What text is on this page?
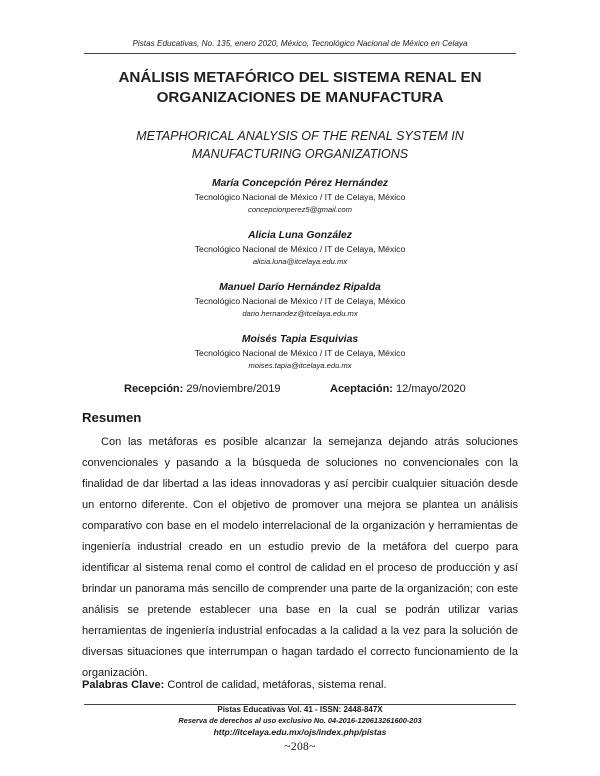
Pistas Educativas, No. 135, enero 2020, México, Tecnológico Nacional de México en Celaya
ANÁLISIS METAFÓRICO DEL SISTEMA RENAL EN
ORGANIZACIONES DE MANUFACTURA
METAPHORICAL ANALYSIS OF THE RENAL SYSTEM IN
MANUFACTURING ORGANIZATIONS
María Concepción Pérez Hernández
Tecnológico Nacional de México / IT de Celaya, México
concepcionperez5@gmail.com
Alicia Luna González
Tecnológico Nacional de México / IT de Celaya, México
alicia.luna@itcelaya.edu.mx
Manuel Darío Hernández Ripalda
Tecnológico Nacional de México / IT de Celaya, México
dario.hernandez@itcelaya.edu.mx
Moisés Tapia Esquivias
Tecnológico Nacional de México / IT de Celaya, México
moises.tapia@itcelaya.edu.mx
Recepción: 29/noviembre/2019	Aceptación: 12/mayo/2020
Resumen

Con las metáforas es posible alcanzar la semejanza dejando atrás soluciones convencionales y pasando a la búsqueda de soluciones no convencionales con la finalidad de dar libertad a las ideas innovadoras y así percibir cualquier situación desde un entorno diferente. Con el objetivo de promover una mejora se plantea un análisis comparativo con base en el modelo interrelacional de la organización y herramientas de ingeniería industrial creado en un estudio previo de la metáfora del cuerpo para identificar al sistema renal como el control de calidad en el proceso de producción y así brindar un panorama más sencillo de comprender una parte de la organización; con este análisis se pretende establecer una base en la cual se podrán utilizar varias herramientas de ingeniería industrial enfocadas a la calidad a la vez para la solución de diversas situaciones que interrumpan o hagan tardado el correcto funcionamiento de la organización.

Palabras Clave: Control de calidad, metáforas, sistema renal.
Pistas Educativas Vol. 41 - ISSN: 2448-847X
Reserva de derechos al uso exclusivo No. 04-2016-120613261600-203
http://itcelaya.edu.mx/ojs/index.php/pistas
~208~
